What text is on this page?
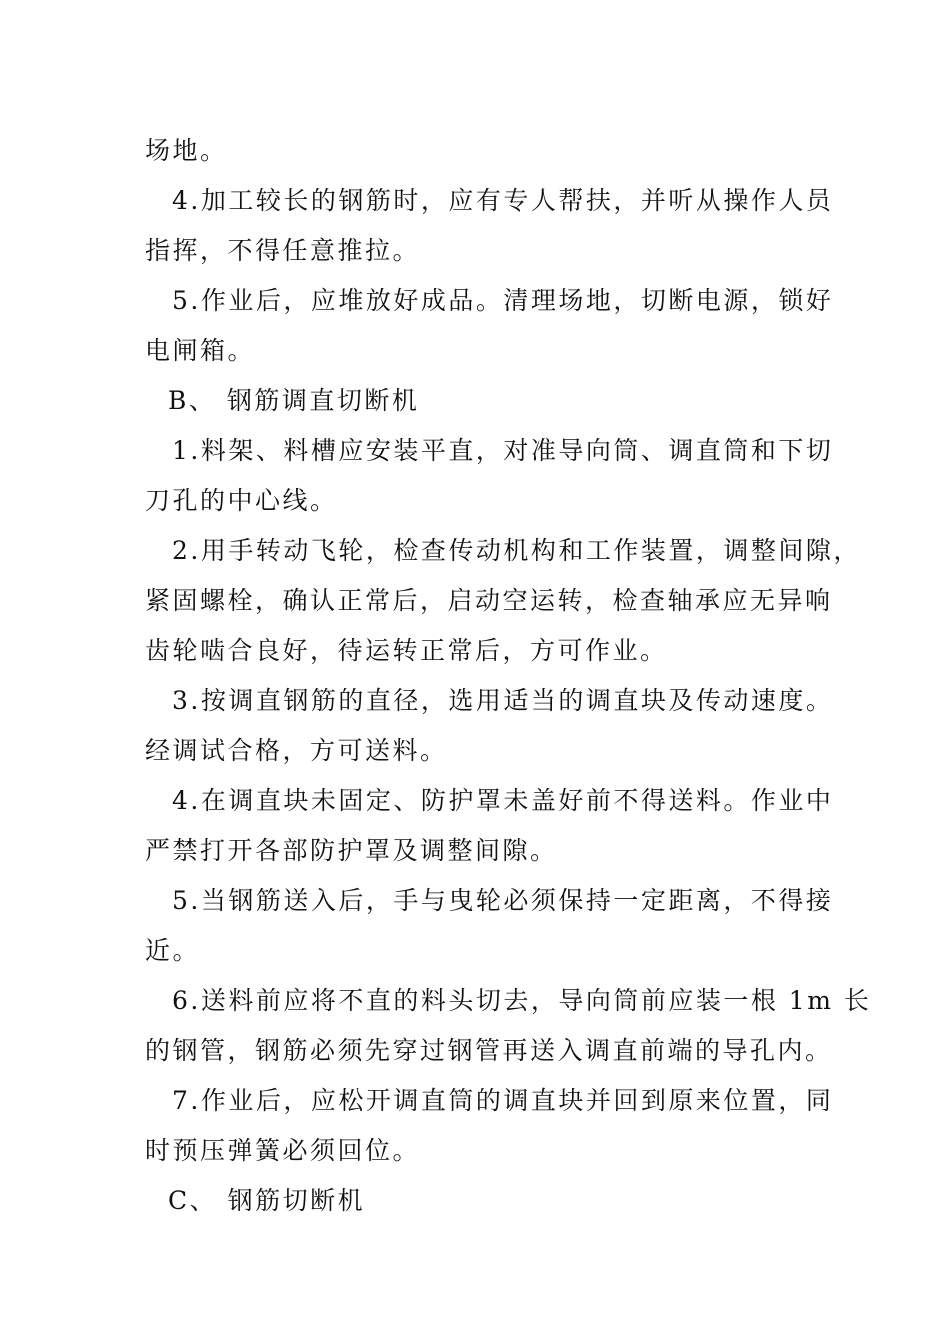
场地。
4.加工较长的钢筋时，应有专人帮扶，并听从操作人员
指挥，不得任意推拉。
5.作业后，应堆放好成品。清理场地，切断电源，锁好
电闸箱。
B、 钢筋调直切断机
1.料架、料槽应安装平直，对准导向筒、调直筒和下切
刀孔的中心线。
2.用手转动飞轮，检查传动机构和工作装置，调整间隙，
紧固螺栓，确认正常后，启动空运转，检查轴承应无异响
齿轮啮合良好，待运转正常后，方可作业。
3.按调直钢筋的直径，选用适当的调直块及传动速度。
经调试合格，方可送料。
4.在调直块未固定、防护罩未盖好前不得送料。作业中
严禁打开各部防护罩及调整间隙。
5.当钢筋送入后，手与曳轮必须保持一定距离，不得接
近。
6.送料前应将不直的料头切去，导向筒前应装一根 1m 长
的钢管，钢筋必须先穿过钢管再送入调直前端的导孔内。
7.作业后，应松开调直筒的调直块并回到原来位置，同
时预压弹簧必须回位。
C、 钢筋切断机
